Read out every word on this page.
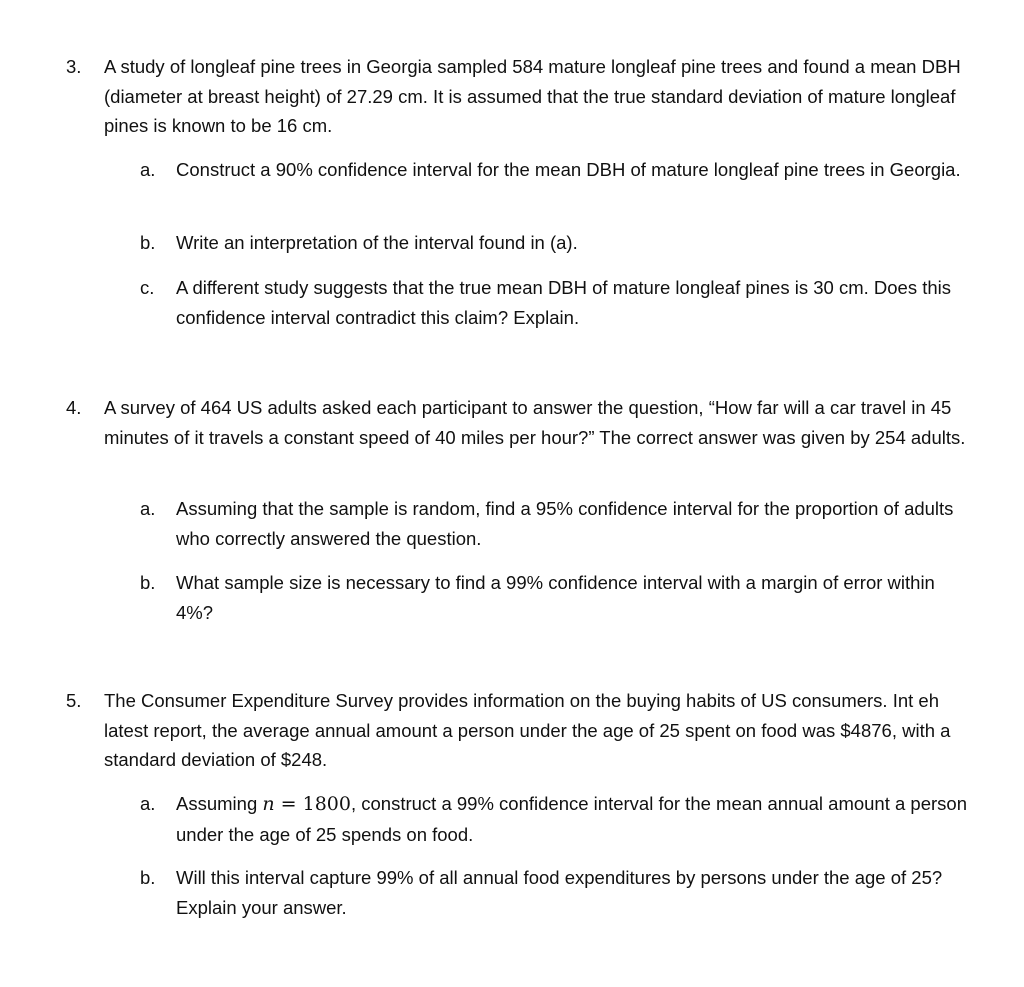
3. A study of longleaf pine trees in Georgia sampled 584 mature longleaf pine trees and found a mean DBH (diameter at breast height) of 27.29 cm. It is assumed that the true standard deviation of mature longleaf pines is known to be 16 cm.
a. Construct a 90% confidence interval for the mean DBH of mature longleaf pine trees in Georgia.
b. Write an interpretation of the interval found in (a).
c. A different study suggests that the true mean DBH of mature longleaf pines is 30 cm. Does this confidence interval contradict this claim? Explain.
4. A survey of 464 US adults asked each participant to answer the question, “How far will a car travel in 45 minutes of it travels a constant speed of 40 miles per hour?” The correct answer was given by 254 adults.
a. Assuming that the sample is random, find a 95% confidence interval for the proportion of adults who correctly answered the question.
b. What sample size is necessary to find a 99% confidence interval with a margin of error within 4%?
5. The Consumer Expenditure Survey provides information on the buying habits of US consumers. Int eh latest report, the average annual amount a person under the age of 25 spent on food was $4876, with a standard deviation of $248.
a. Assuming n = 1800, construct a 99% confidence interval for the mean annual amount a person under the age of 25 spends on food.
b. Will this interval capture 99% of all annual food expenditures by persons under the age of 25? Explain your answer.
